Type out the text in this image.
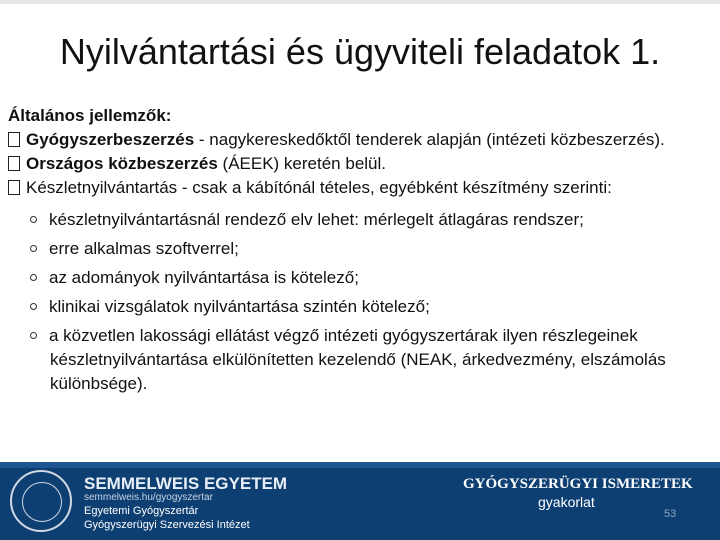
Nyilvántartási és ügyviteli feladatok 1.

Általános jellemzők:

Gyógyszerbeszerzés - nagykereskedőktől tenderek alapján (intézeti közbeszerzés).

Országos közbeszerzés (ÁEEK) keretén belül.

Készletnyilvántartás - csak a kábítónál tételes, egyébként készítmény szerinti:

készletnyilvántartásnál rendező elv lehet: mérlegelt átlagáras rendszer;
erre alkalmas szoftverrel;
az adományok nyilvántartása is kötelező;
klinikai vizsgálatok nyilvántartása szintén kötelező;
a közvetlen lakossági ellátást végző intézeti gyógyszertárak ilyen részlegeinek készletnyilvántartása elkülönítetten kezelendő (NEAK, árkedvezmény, elszámolás különbsége).
SEMMELWEIS EGYETEM
semmelweis.hu/gyogyszertar
Egyetemi Gyógyszertár
Gyógyszerügyi Szervezési Intézet
GYÓGYSZERÜGYI ISMERETEK
gyakorlat
53
